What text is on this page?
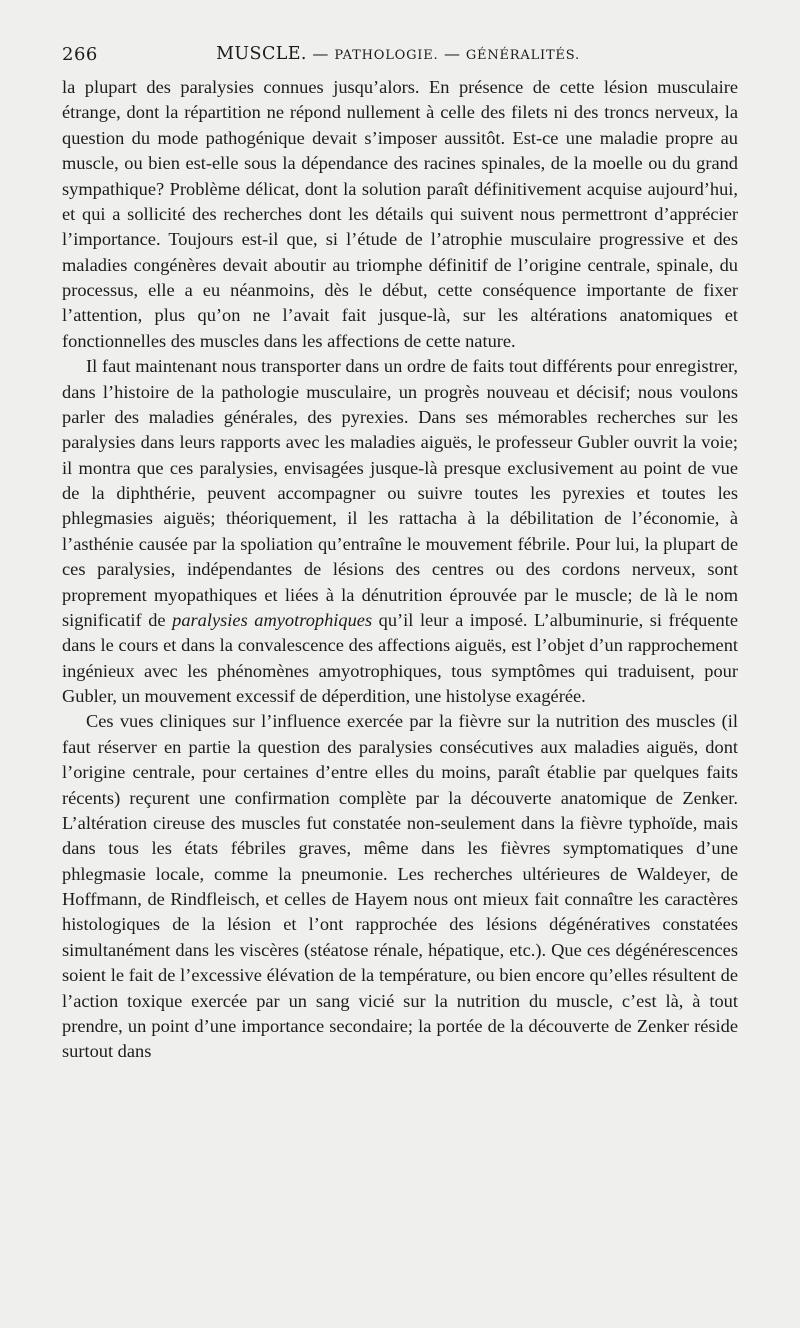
266	MUSCLE. — PATHOLOGIE. — GÉNÉRALITÉS.

la plupart des paralysies connues jusqu’alors. En présence de cette lésion musculaire étrange, dont la répartition ne répond nullement à celle des filets ni des troncs nerveux, la question du mode pathogénique devait s’imposer aussitôt. Est-ce une maladie propre au muscle, ou bien est-elle sous la dépendance des racines spinales, de la moelle ou du grand sympathique? Problème délicat, dont la solution paraît définitivement acquise aujourd’hui, et qui a sollicité des recherches dont les détails qui suivent nous permettront d’apprécier l’importance. Toujours est-il que, si l’étude de l’atrophie musculaire progressive et des maladies congénères devait aboutir au triomphe définitif de l’origine centrale, spinale, du processus, elle a eu néanmoins, dès le début, cette conséquence importante de fixer l’attention, plus qu’on ne l’avait fait jusque-là, sur les altérations anatomiques et fonctionnelles des muscles dans les affections de cette nature.

Il faut maintenant nous transporter dans un ordre de faits tout différents pour enregistrer, dans l’histoire de la pathologie musculaire, un progrès nouveau et décisif; nous voulons parler des maladies générales, des pyrexies. Dans ses mémorables recherches sur les paralysies dans leurs rapports avec les maladies aiguës, le professeur Gubler ouvrit la voie; il montra que ces paralysies, envisagées jusque-là presque exclusivement au point de vue de la diphthérie, peuvent accompagner ou suivre toutes les pyrexies et toutes les phlegmasies aiguës; théoriquement, il les rattacha à la débilitation de l’économie, à l’asthénie causée par la spoliation qu’entraîne le mouvement fébrile. Pour lui, la plupart de ces paralysies, indépendantes de lésions des centres ou des cordons nerveux, sont proprement myopathiques et liées à la dénutrition éprouvée par le muscle; de là le nom significatif de paralysies amyotrophiques qu’il leur a imposé. L’albuminurie, si fréquente dans le cours et dans la convalescence des affections aiguës, est l’objet d’un rapprochement ingénieux avec les phénomènes amyotrophiques, tous symptômes qui traduisent, pour Gubler, un mouvement excessif de déperdition, une histolyse exagérée.

Ces vues cliniques sur l’influence exercée par la fièvre sur la nutrition des muscles (il faut réserver en partie la question des paralysies consécutives aux maladies aiguës, dont l’origine centrale, pour certaines d’entre elles du moins, paraît établie par quelques faits récents) reçurent une confirmation complète par la découverte anatomique de Zenker. L’altération cireuse des muscles fut constatée non-seulement dans la fièvre typhoïde, mais dans tous les états fébriles graves, même dans les fièvres symptomatiques d’une phlegmasie locale, comme la pneumonie. Les recherches ultérieures de Waldeyer, de Hoffmann, de Rindfleisch, et celles de Hayem nous ont mieux fait connaître les caractères histologiques de la lésion et l’ont rapprochée des lésions dégénératives constatées simultanément dans les viscères (stéatose rénale, hépatique, etc.). Que ces dégénérescences soient le fait de l’excessive élévation de la température, ou bien encore qu’elles résultent de l’action toxique exercée par un sang vicié sur la nutrition du muscle, c’est là, à tout prendre, un point d’une importance secondaire; la portée de la découverte de Zenker réside surtout dans
